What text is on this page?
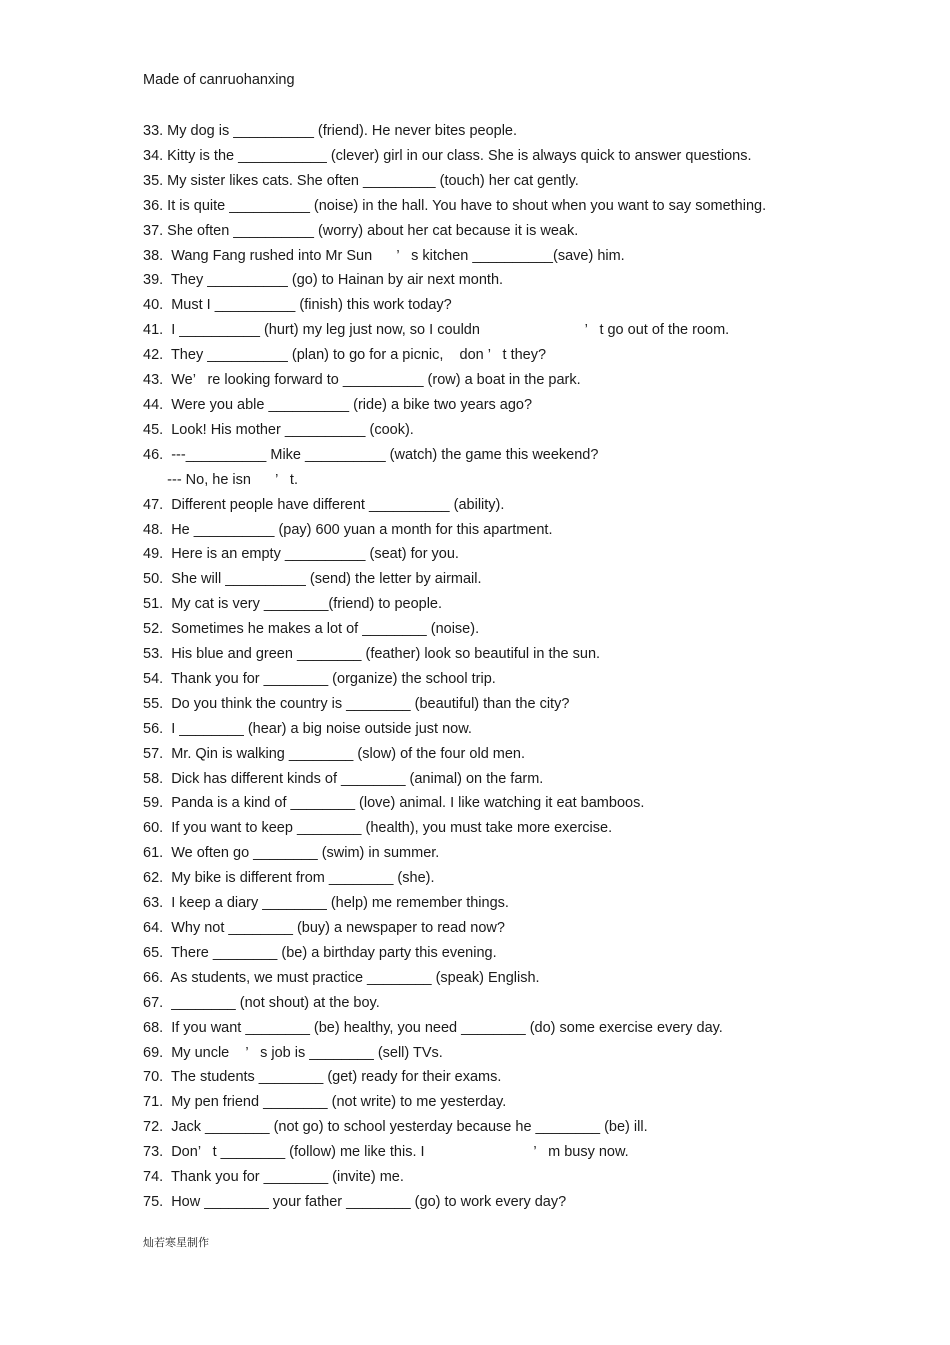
Made of canruohanxing
33. My dog is __________ (friend). He never bites people.
34. Kitty is the ___________ (clever) girl in our class. She is always quick to answer questions.
35. My sister likes cats. She often _________ (touch) her cat gently.
36. It is quite __________ (noise) in the hall. You have to shout when you want to say something.
37. She often __________ (worry) about her cat because it is weak.
38.  Wang Fang rushed into Mr Sun      ’   s kitchen __________(save) him.
39.  They __________ (go) to Hainan by air next month.
40.  Must I __________ (finish) this work today?
41.  I __________ (hurt) my leg just now, so I couldn                          ’   t go out of the room.
42.  They __________ (plan) to go for a picnic,    don ’   t they?
43.  We’   re looking forward to __________ (row) a boat in the park.
44.  Were you able __________ (ride) a bike two years ago?
45.  Look! His mother __________ (cook).
46.  ---__________ Mike __________ (watch) the game this weekend?
--- No, he isn      ’   t.
47.  Different people have different __________ (ability).
48.  He __________ (pay) 600 yuan a month for this apartment.
49.  Here is an empty __________ (seat) for you.
50.  She will __________ (send) the letter by airmail.
51.  My cat is very ________(friend) to people.
52.  Sometimes he makes a lot of ________ (noise).
53.  His blue and green ________ (feather) look so beautiful in the sun.
54.  Thank you for ________ (organize) the school trip.
55.  Do you think the country is ________ (beautiful) than the city?
56.  I ________ (hear) a big noise outside just now.
57.  Mr. Qin is walking ________ (slow) of the four old men.
58.  Dick has different kinds of ________ (animal) on the farm.
59.  Panda is a kind of ________ (love) animal. I like watching it eat bamboos.
60.  If you want to keep ________ (health), you must take more exercise.
61.  We often go ________ (swim) in summer.
62.  My bike is different from ________ (she).
63.  I keep a diary ________ (help) me remember things.
64.  Why not ________ (buy) a newspaper to read now?
65.  There ________ (be) a birthday party this evening.
66.  As students, we must practice ________ (speak) English.
67.  ________ (not shout) at the boy.
68.  If you want ________ (be) healthy, you need ________ (do) some exercise every day.
69.  My uncle    ’   s job is ________ (sell) TVs.
70.  The students ________ (get) ready for their exams.
71.  My pen friend ________ (not write) to me yesterday.
72.  Jack ________ (not go) to school yesterday because he ________ (be) ill.
73.  Don’   t ________ (follow) me like this. I                           ’   m busy now.
74.  Thank you for ________ (invite) me.
75.  How ________ your father ________ (go) to work every day?
灿若寒星制作
